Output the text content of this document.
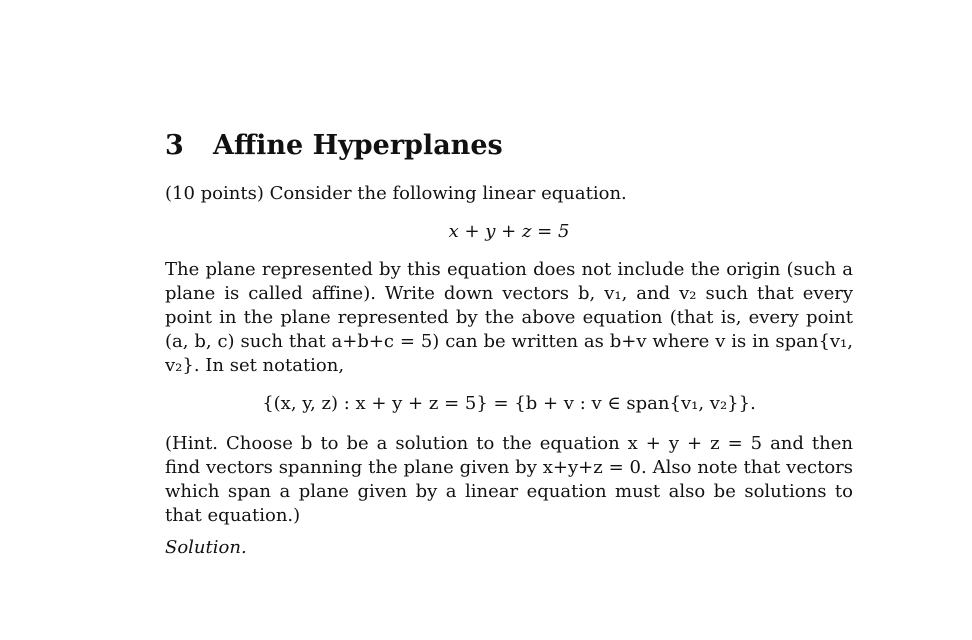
3 Affine Hyperplanes
(10 points) Consider the following linear equation.
x + y + z = 5

The plane represented by this equation does not include the origin (such a plane is called affine). Write down vectors b, v₁, and v₂ such that every point in the plane represented by the above equation (that is, every point (a, b, c) such that a+b+c = 5) can be written as b+v where v is in span{v₁, v₂}. In set notation,

{(x, y, z) : x + y + z = 5} = {b + v : v ∈ span{v₁, v₂}}.

(Hint. Choose b to be a solution to the equation x + y + z = 5 and then find vectors spanning the plane given by x+y+z = 0. Also note that vectors which span a plane given by a linear equation must also be solutions to that equation.)

Solution.
